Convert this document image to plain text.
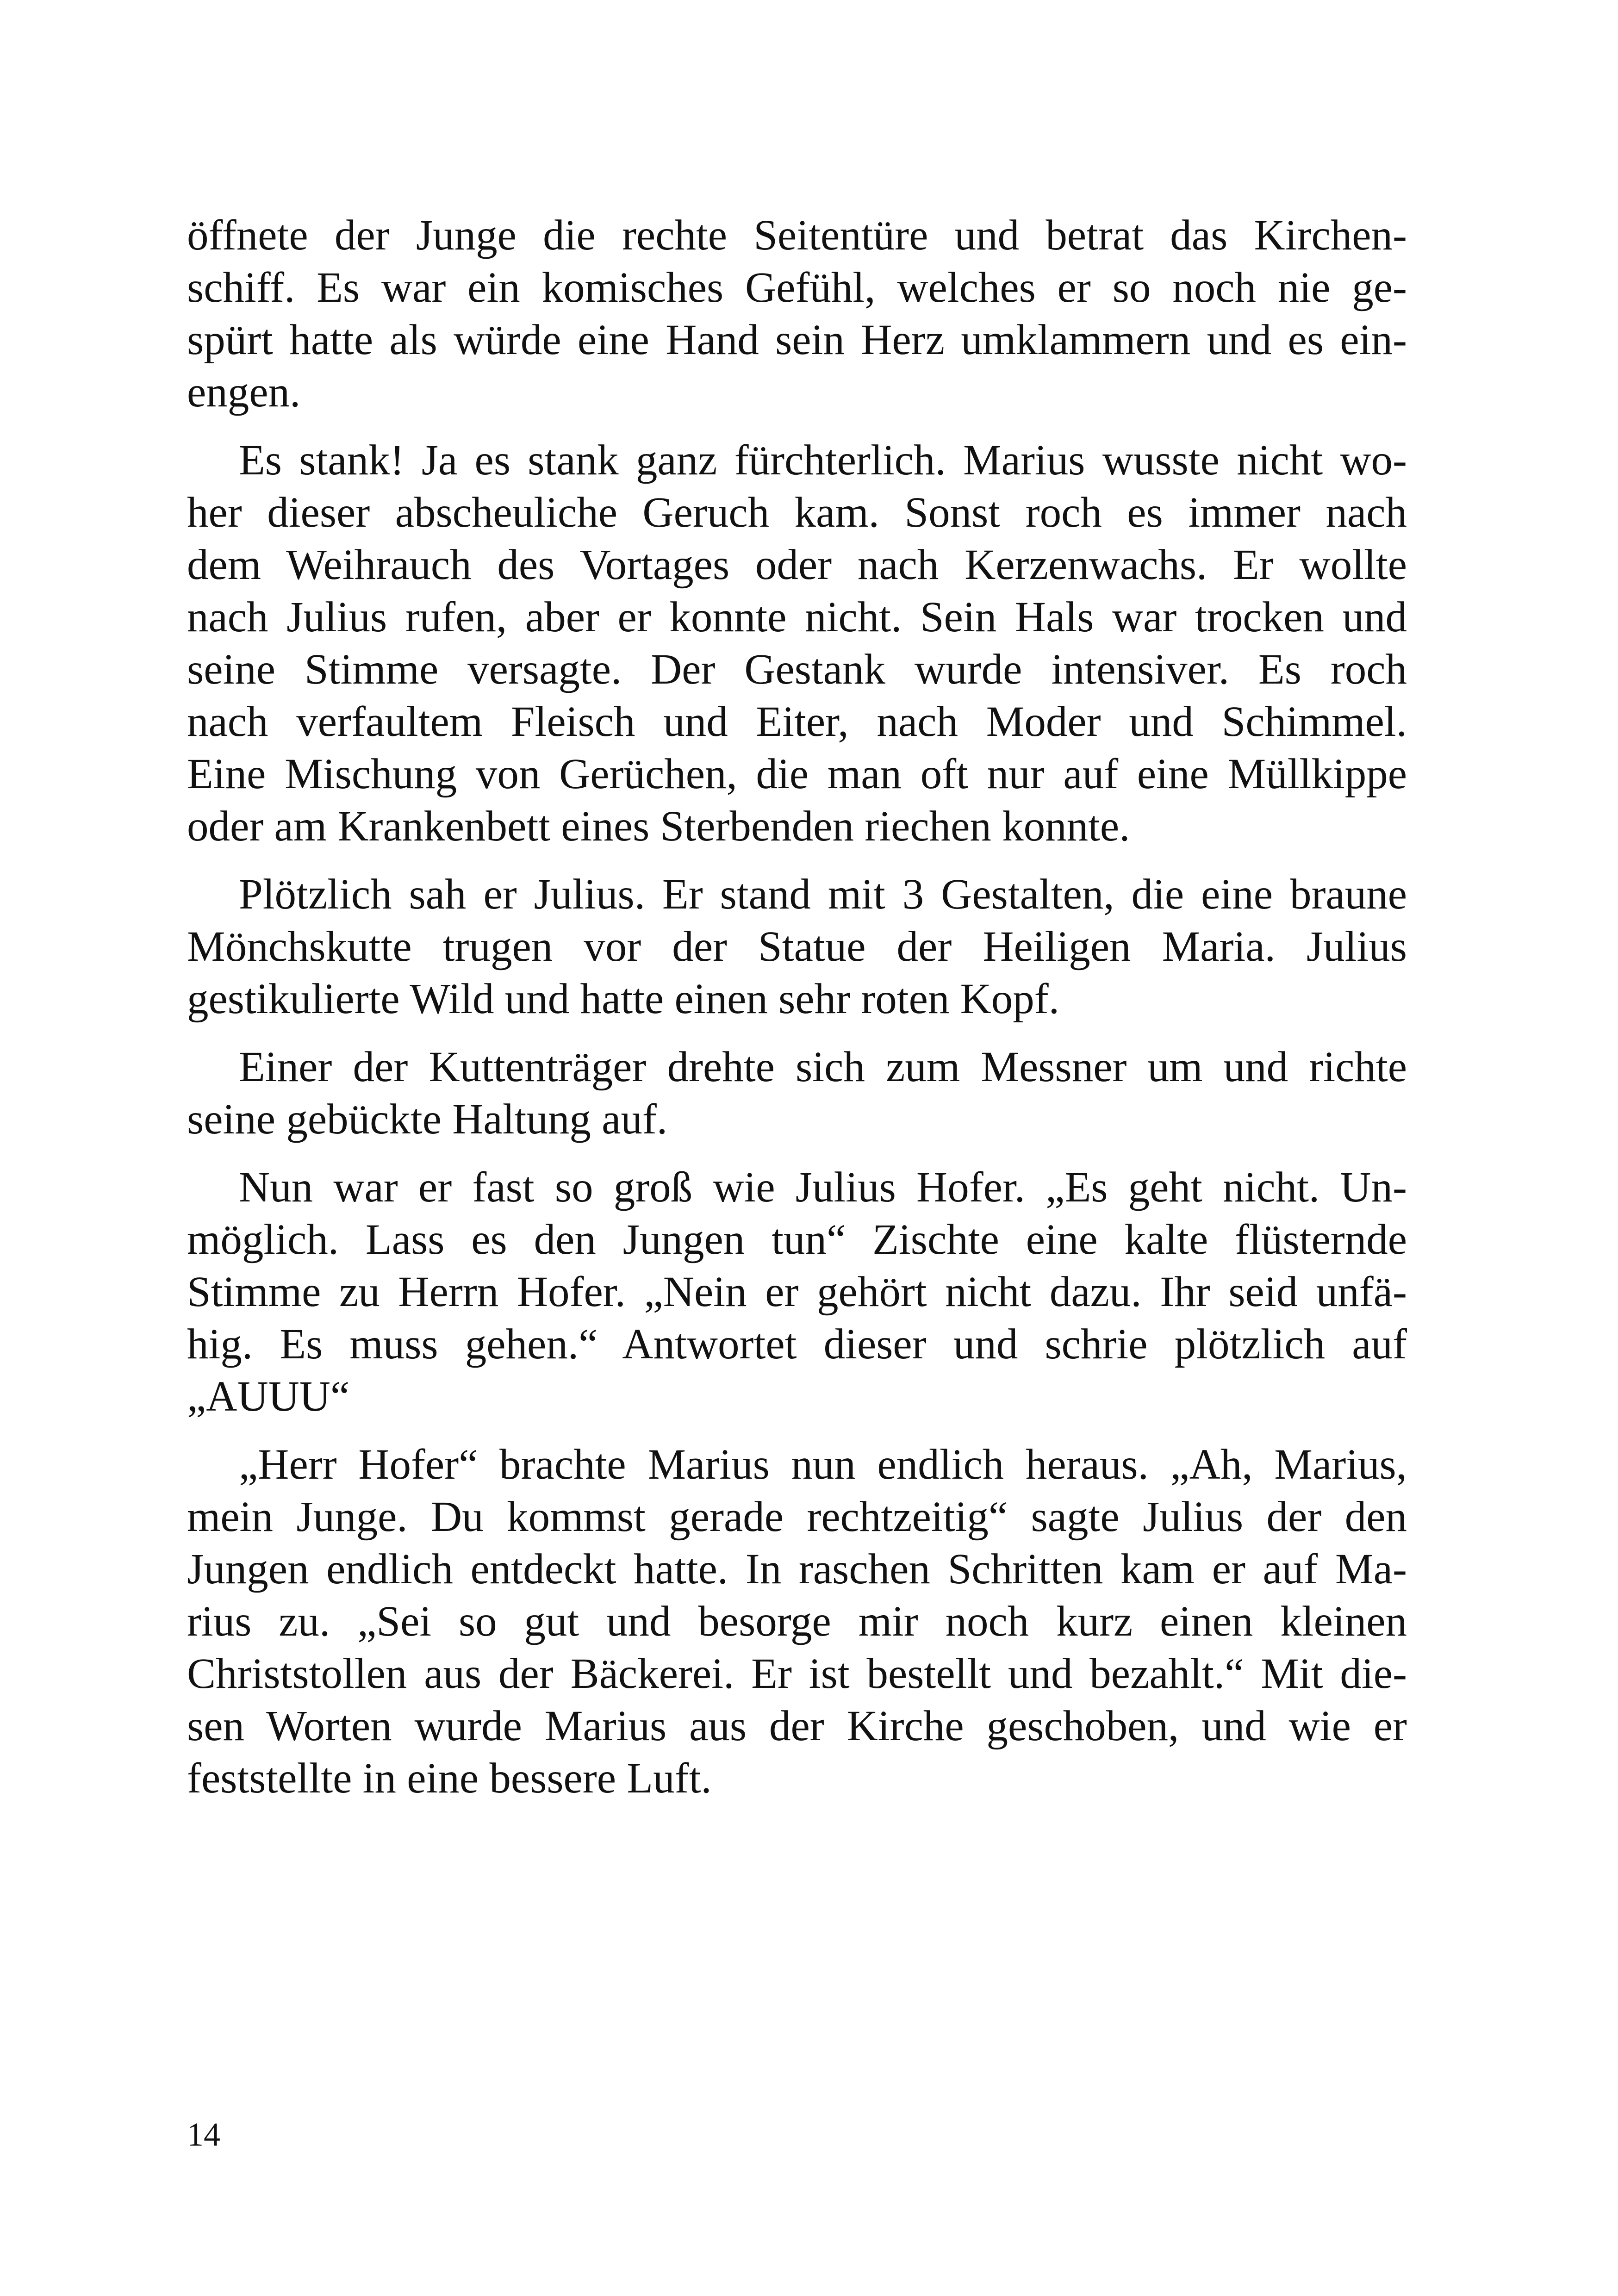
öffnete der Junge die rechte Seitentüre und betrat das Kirchen-
schiff. Es war ein komisches Gefühl, welches er so noch nie ge-
spürt hatte als würde eine Hand sein Herz umklammern und es ein-
engen.
Es stank! Ja es stank ganz fürchterlich. Marius wusste nicht wo-
her dieser abscheuliche Geruch kam. Sonst roch es immer nach
dem Weihrauch des Vortages oder nach Kerzenwachs. Er wollte
nach Julius rufen, aber er konnte nicht. Sein Hals war trocken und
seine Stimme versagte. Der Gestank wurde intensiver. Es roch
nach verfaultem Fleisch und Eiter, nach Moder und Schimmel.
Eine Mischung von Gerüchen, die man oft nur auf eine Müllkippe
oder am Krankenbett eines Sterbenden riechen konnte.
Plötzlich sah er Julius. Er stand mit 3 Gestalten, die eine braune
Mönchskutte trugen vor der Statue der Heiligen Maria. Julius
gestikulierte Wild und hatte einen sehr roten Kopf.
Einer der Kuttenträger drehte sich zum Messner um und richte
seine gebückte Haltung auf.
Nun war er fast so groß wie Julius Hofer. „Es geht nicht. Un-
möglich. Lass es den Jungen tun“ Zischte eine kalte flüsternde
Stimme zu Herrn Hofer. „Nein er gehört nicht dazu. Ihr seid unfä-
hig. Es muss gehen.“ Antwortet dieser und schrie plötzlich auf
„AUUU“
„Herr Hofer“ brachte Marius nun endlich heraus. „Ah, Marius,
mein Junge. Du kommst gerade rechtzeitig“ sagte Julius der den
Jungen endlich entdeckt hatte. In raschen Schritten kam er auf Ma-
rius zu. „Sei so gut und besorge mir noch kurz einen kleinen
Christstollen aus der Bäckerei. Er ist bestellt und bezahlt.“ Mit die-
sen Worten wurde Marius aus der Kirche geschoben, und wie er
feststellte in eine bessere Luft.
14
